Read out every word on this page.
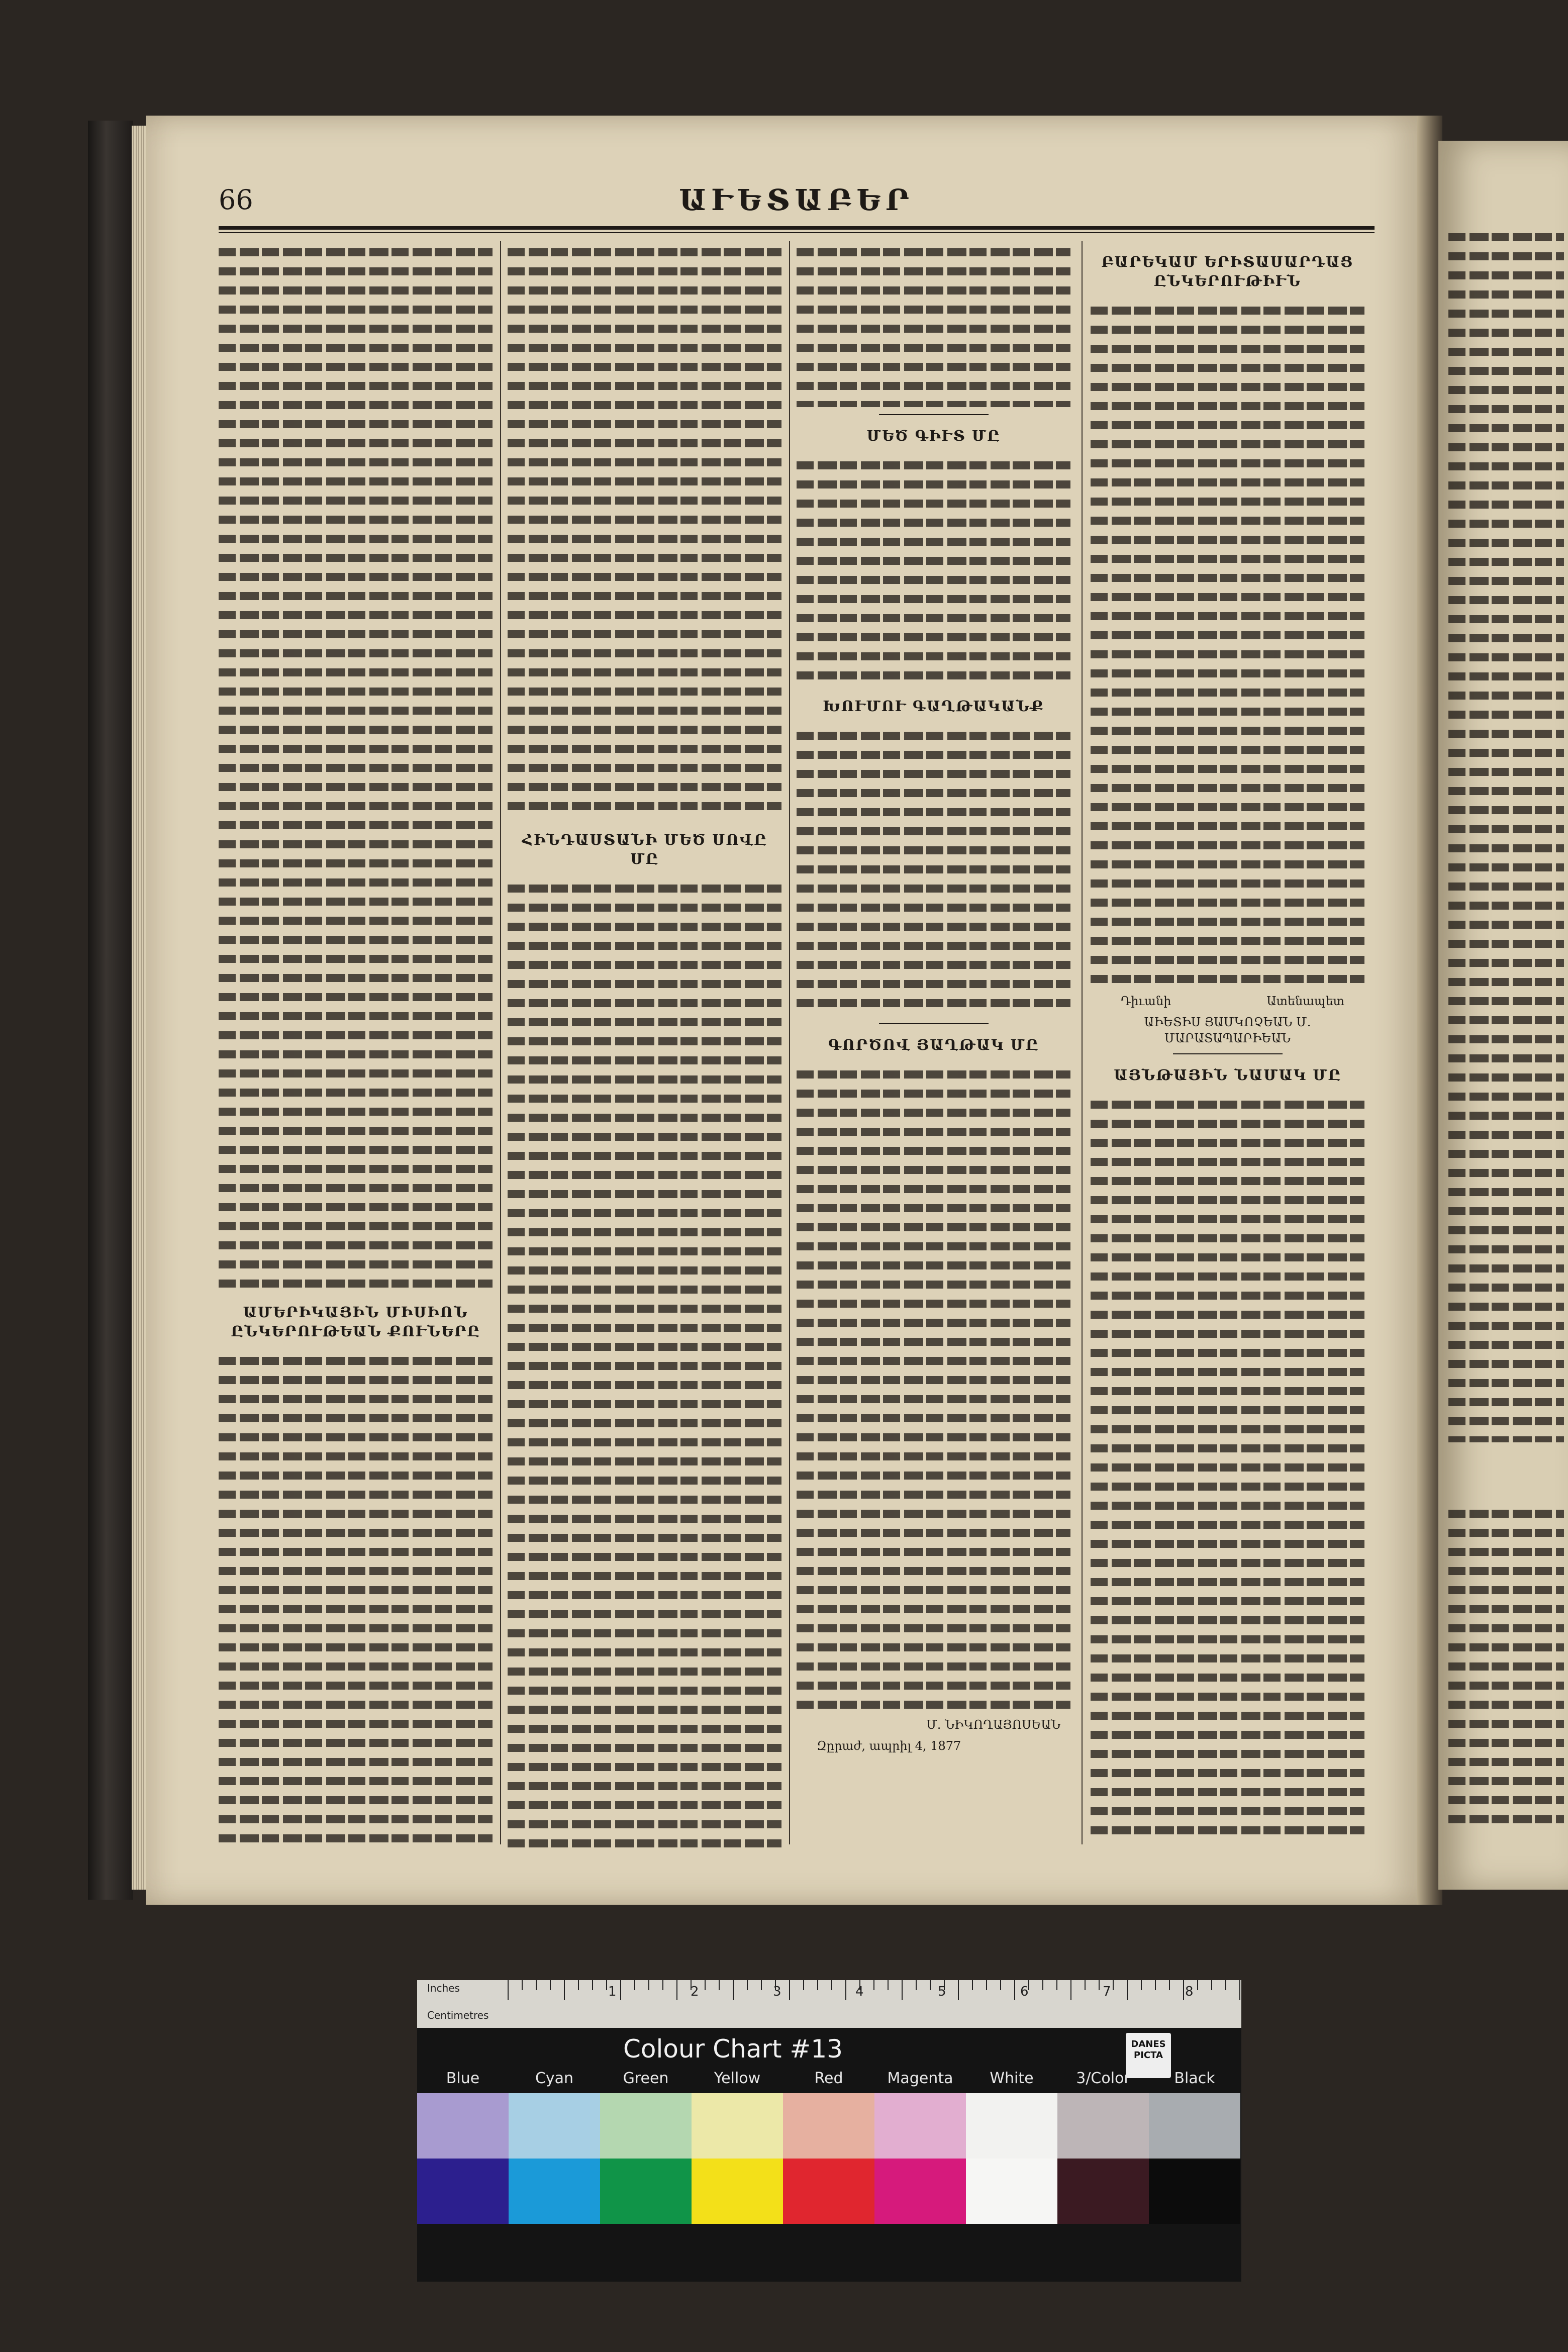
66	ԱՒԵՏԱԲԵՐ
ԱՄԵՐԻԿԱՅԻՆ ՄԻՍԻՈՆ ԸՆԿԵՐՈՒԹԵԱՆ ՔՈՒՆԵՐԸ
ՀԻՆԴԱՍՏԱՆԻ ՄԵԾ ՍՈՎԸ ՄԸ
ՄԵԾ ԳԻՒՏ ՄԸ
ԽՈՒՄՈՒ ԳԱՂԹԱԿԱՆՔ
ԳՈՐԾՈՎ ՅԱՂԹԱԿ ՄԸ
Մ. ՆԻԿՈՂԱՅՈՍԵԱՆ
Զըրաժ, ապրիլ 4, 1877
ԲԱՐԵԿԱՄ ԵՐԻՏԱՍԱՐԴԱՑ ԸՆԿԵՐՈՒԹԻՒՆ
Դիւանի	Ատենապետ
ԱԻԵՏԻՍ ՅԱՄԿՈՉԵԱՆ Մ. ՄԱՐԱՏԱՊԱՐԻԵԱՆ
ԱՅՆԹԱՅԻՆ ՆԱՄԱԿ ՄԸ
Inches
Centimetres
1	2	3	4	5	6	7	8
Colour Chart #13	DANES PICTA
Blue	Cyan	Green	Yellow	Red	Magenta	White	3/Color	Black
